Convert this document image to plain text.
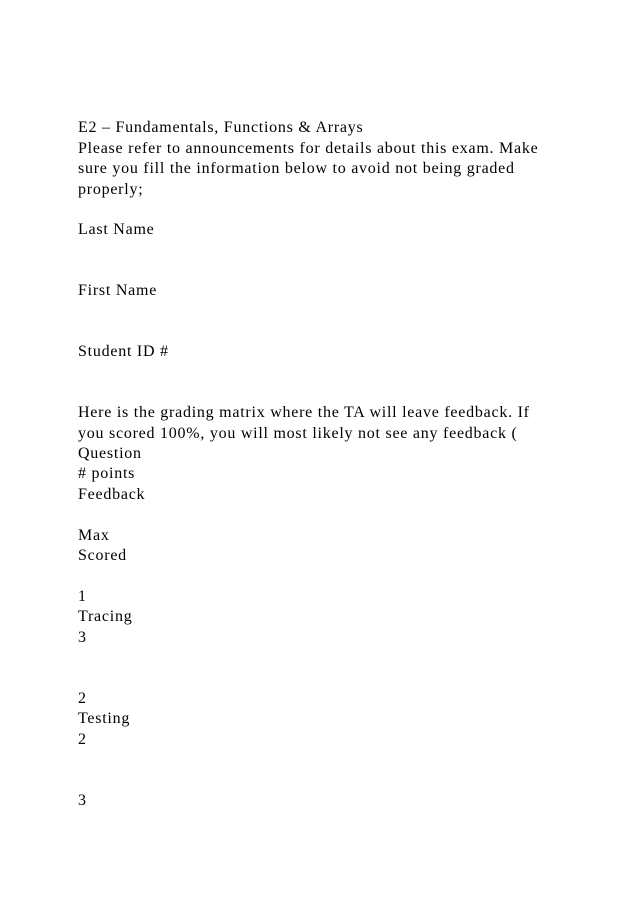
E2 – Fundamentals, Functions & Arrays
Please refer to announcements for details about this exam. Make
sure you fill the information below to avoid not being graded
properly;
Last Name
First Name
Student ID #
Here is the grading matrix where the TA will leave feedback. If
you scored 100%, you will most likely not see any feedback (
Question
# points
Feedback
Max
Scored
1
Tracing
3
2
Testing
2
3
